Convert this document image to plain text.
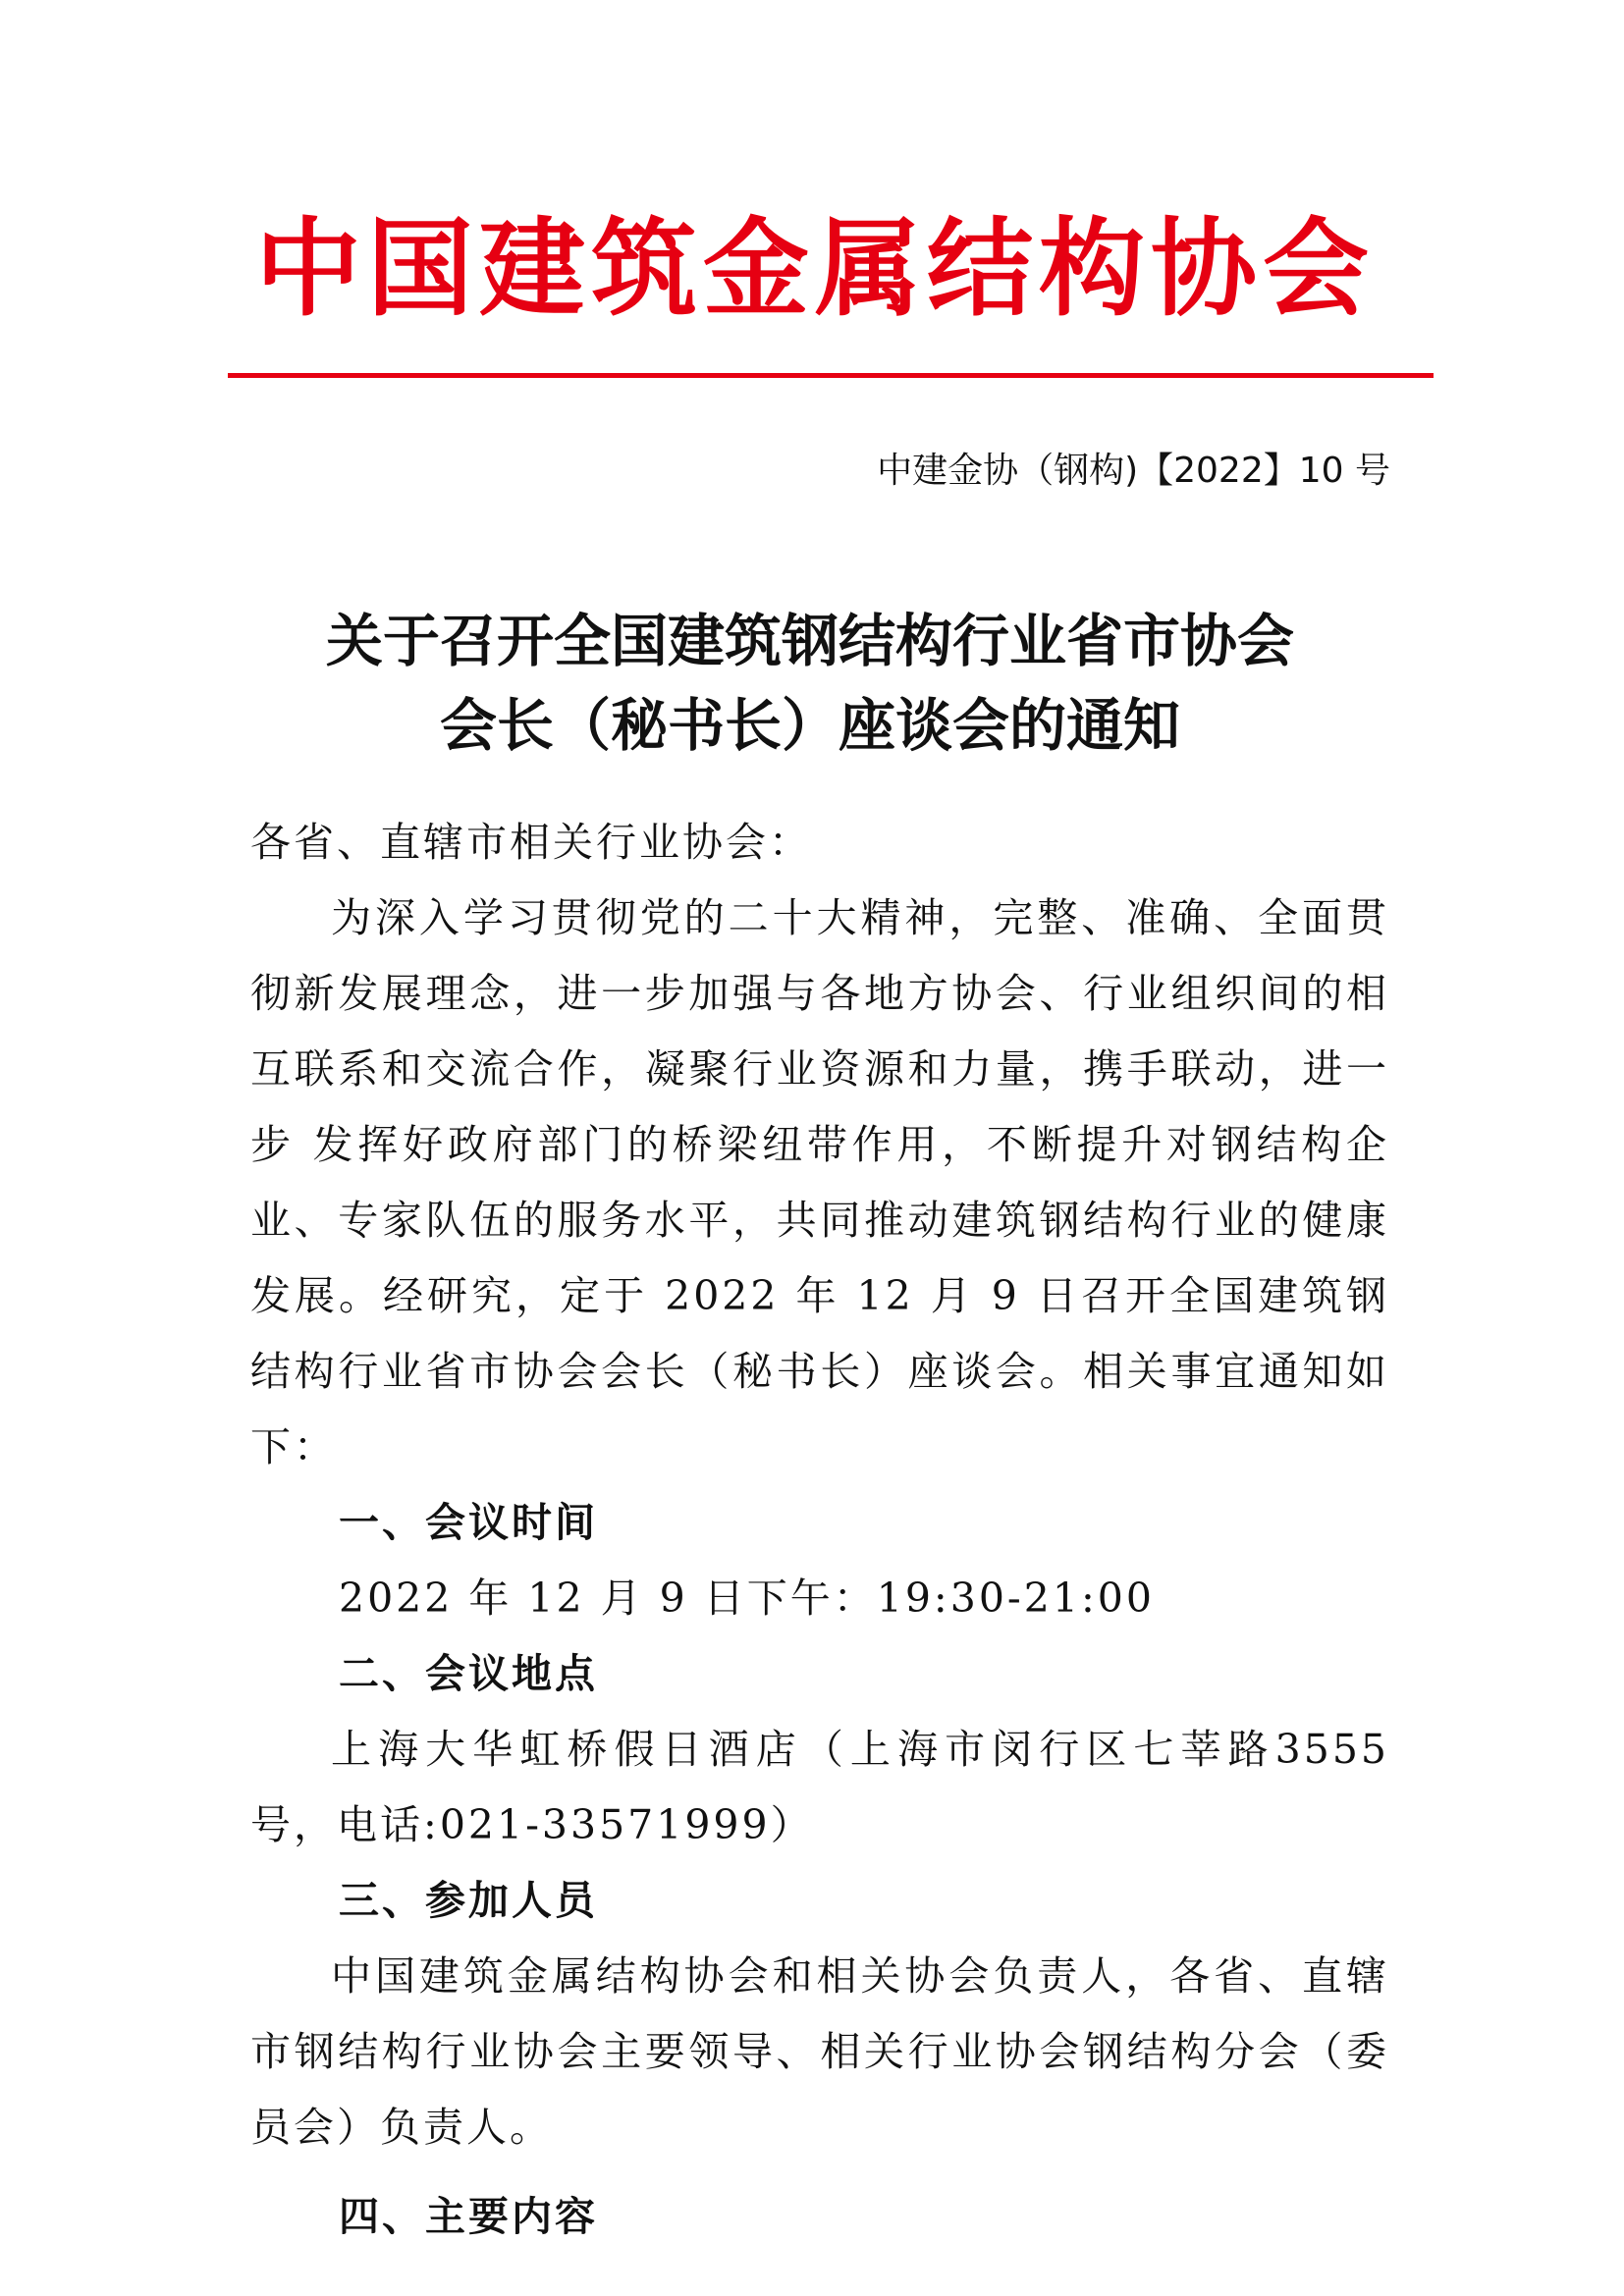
中国建筑金属结构协会
中建金协（钢构)【2022】10 号
关于召开全国建筑钢结构行业省市协会
会长（秘书长）座谈会的通知

各省、直辖市相关行业协会：

为深入学习贯彻党的二十大精神，完整、准确、全面贯彻新发展理念，进一步加强与各地方协会、行业组织间的相互联系和交流合作，凝聚行业资源和力量，携手联动，进一步 发挥好政府部门的桥梁纽带作用，不断提升对钢结构企业、专家队伍的服务水平，共同推动建筑钢结构行业的健康发展。经研究，定于 2022 年 12 月 9 日召开全国建筑钢结构行业省市协会会长（秘书长）座谈会。相关事宜通知如下：

一、会议时间

2022 年 12 月 9 日下午：19:30-21:00

二、会议地点

上海大华虹桥假日酒店（上海市闵行区七莘路3555号，电话:021-33571999）

三、参加人员

中国建筑金属结构协会和相关协会负责人，各省、直辖市钢结构行业协会主要领导、相关行业协会钢结构分会（委员会）负责人。

四、主要内容
